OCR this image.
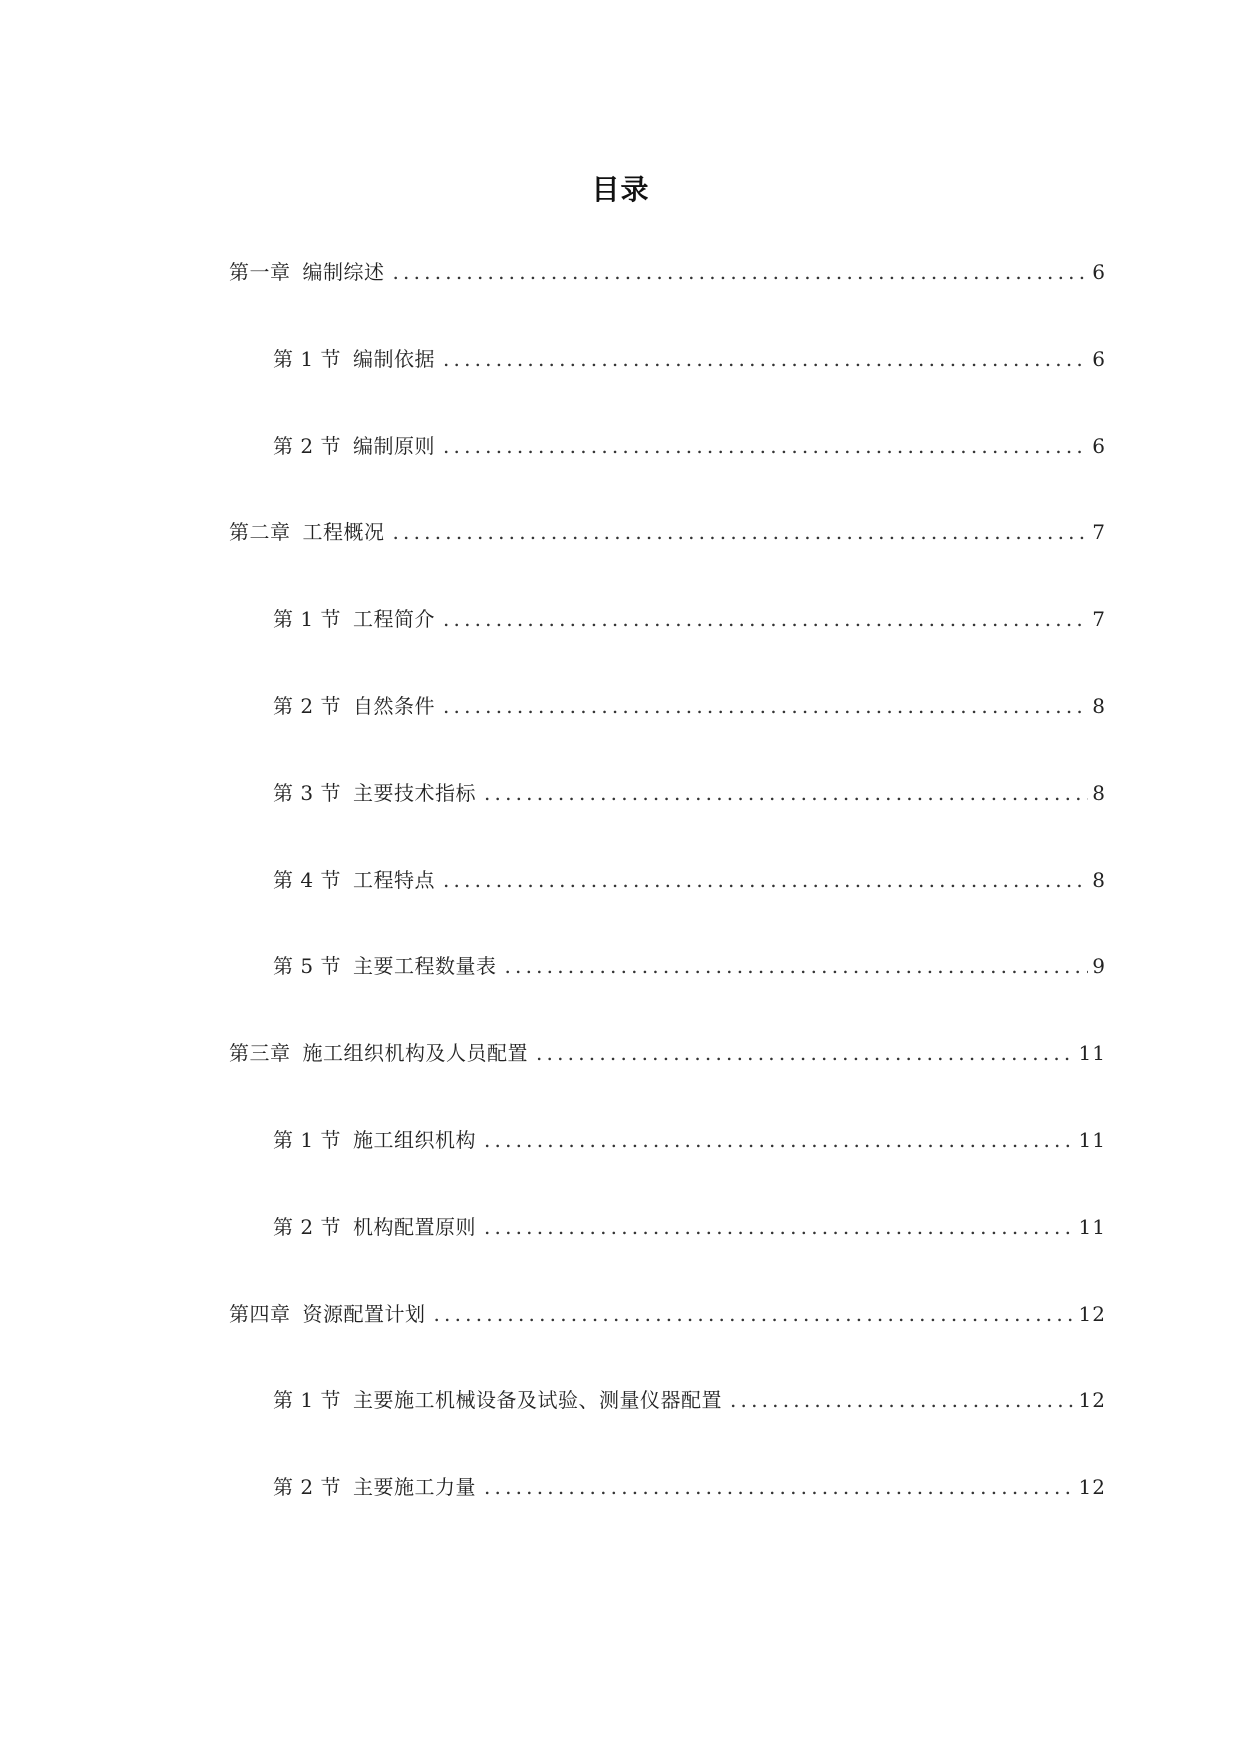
目录
第一章 编制综述 .....	6
第 1 节 编制依据 .....	6
第 2 节 编制原则 .....	6
第二章 工程概况 .....	7
第 1 节 工程简介 .....	7
第 2 节 自然条件 .....	8
第 3 节 主要技术指标 .....	8
第 4 节 工程特点 .....	8
第 5 节 主要工程数量表 .....	9
第三章 施工组织机构及人员配置 .....	11
第 1 节 施工组织机构 .....	11
第 2 节 机构配置原则 .....	11
第四章 资源配置计划 .....	12
第 1 节 主要施工机械设备及试验、测量仪器配置 .....	12
第 2 节 主要施工力量 .....	12
